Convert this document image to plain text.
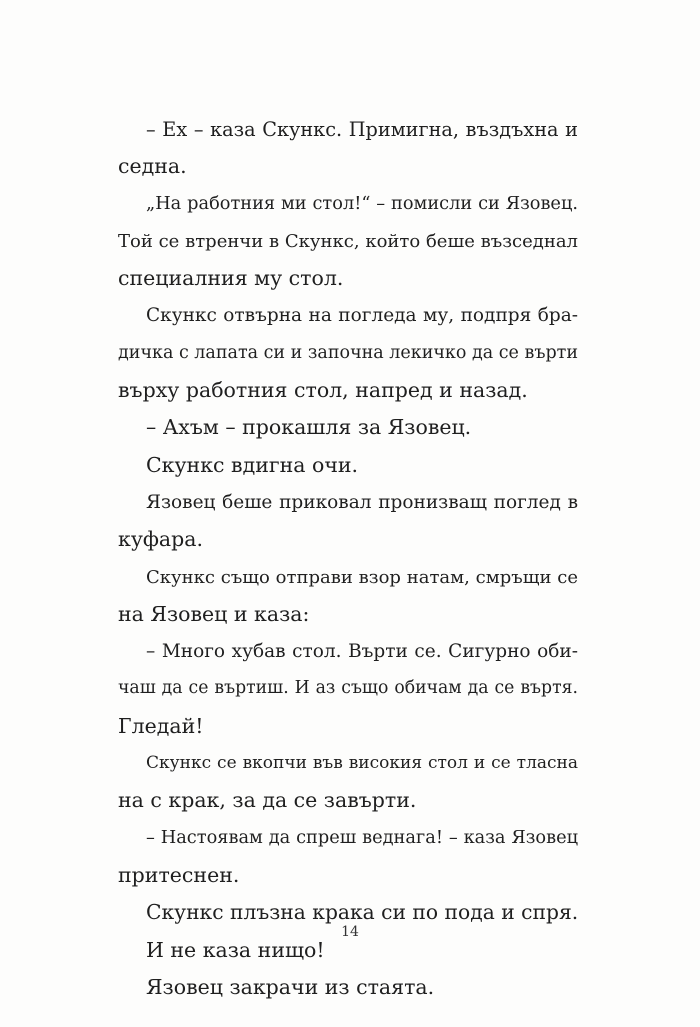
– Ех – каза Скункс. Примигна, въздъхна и
седна.
„На работния ми стол!“ – помисли си Язовец.
Той се втренчи в Скункс, който беше възседнал
специалния му стол.
Скункс отвърна на погледа му, подпря бра-
дичка с лапата си и започна лекичко да се върти
върху работния стол, напред и назад.
– Ахъм – прокашля за Язовец.
Скункс вдигна очи.
Язовец беше приковал пронизващ поглед в
куфара.
Скункс също отправи взор натам, смръщи се
на Язовец и каза:
– Много хубав стол. Върти се. Сигурно оби-
чаш да се въртиш. И аз също обичам да се въртя.
Гледай!
Скункс се вкопчи във високия стол и се тласна
на с крак, за да се завърти.
– Настоявам да спреш веднага! – каза Язовец
притеснен.
Скункс плъзна крака си по пода и спря.
И не каза нищо!
Язовец закрачи из стаята.
14
